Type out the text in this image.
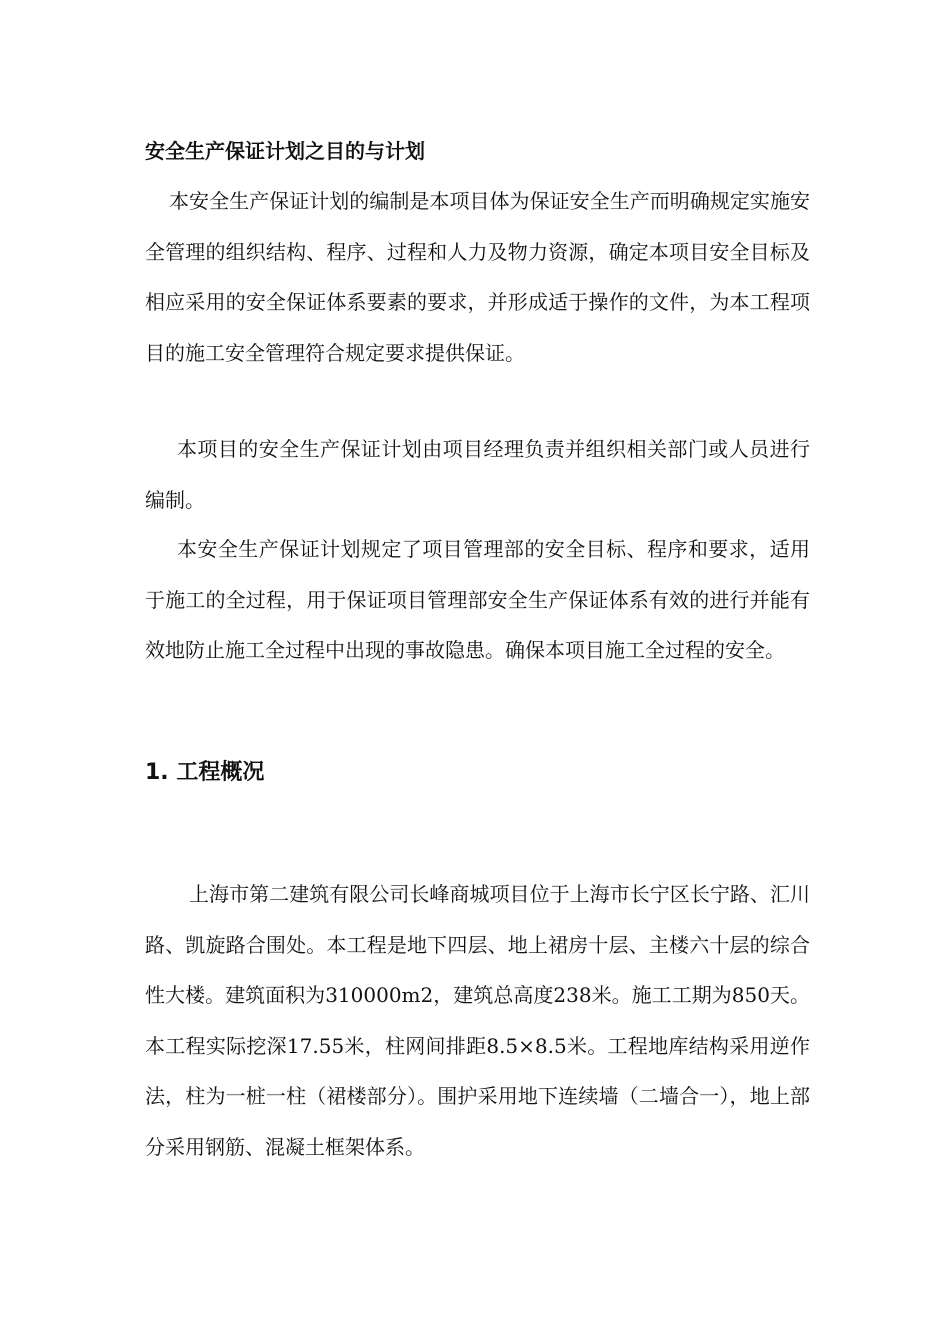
安全生产保证计划之目的与计划

本安全生产保证计划的编制是本项目体为保证安全生产而明确规定实施安全管理的组织结构、程序、过程和人力及物力资源，确定本项目安全目标及相应采用的安全保证体系要素的要求，并形成适于操作的文件，为本工程项目的施工安全管理符合规定要求提供保证。

本项目的安全生产保证计划由项目经理负责并组织相关部门或人员进行编制。

本安全生产保证计划规定了项目管理部的安全目标、程序和要求，适用于施工的全过程，用于保证项目管理部安全生产保证体系有效的进行并能有效地防止施工全过程中出现的事故隐患。确保本项目施工全过程的安全。

1. 工程概况

上海市第二建筑有限公司长峰商城项目位于上海市长宁区长宁路、汇川路、凯旋路合围处。本工程是地下四层、地上裙房十层、主楼六十层的综合性大楼。建筑面积为310000m2，建筑总高度238米。施工工期为850天。本工程实际挖深17.55米，柱网间排距8.5×8.5米。工程地库结构采用逆作法，柱为一桩一柱（裙楼部分）。围护采用地下连续墙（二墙合一），地上部分采用钢筋、混凝土框架体系。
